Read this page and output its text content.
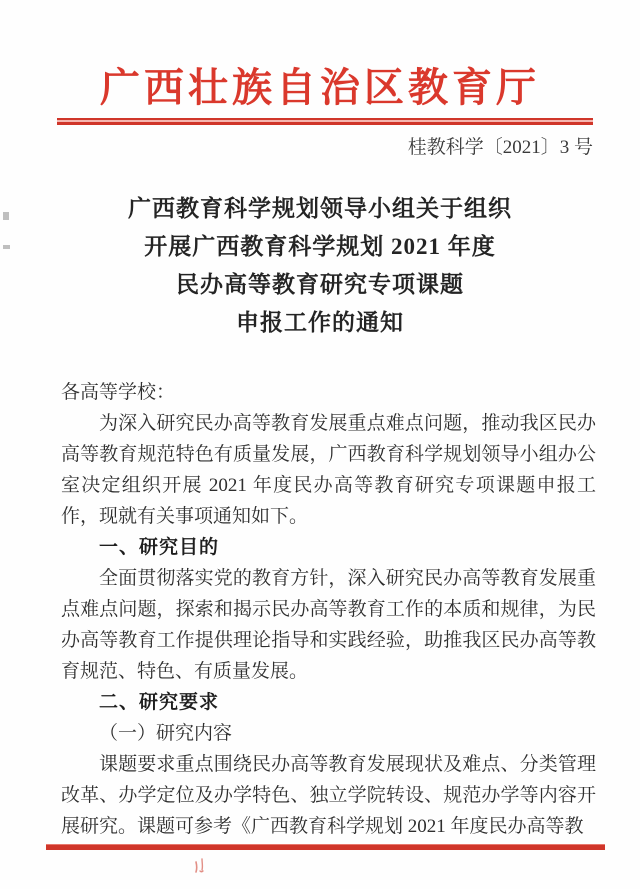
广西壮族自治区教育厅
桂教科学〔2021〕3 号
广西教育科学规划领导小组关于组织
开展广西教育科学规划 2021 年度
民办高等教育研究专项课题
申报工作的通知
各高等学校：

为深入研究民办高等教育发展重点难点问题，推动我区民办高等教育规范特色有质量发展，广西教育科学规划领导小组办公室决定组织开展 2021 年度民办高等教育研究专项课题申报工作，现就有关事项通知如下。

一、研究目的

全面贯彻落实党的教育方针，深入研究民办高等教育发展重点难点问题，探索和揭示民办高等教育工作的本质和规律，为民办高等教育工作提供理论指导和实践经验，助推我区民办高等教育规范、特色、有质量发展。

二、研究要求
（一）研究内容

课题要求重点围绕民办高等教育发展现状及难点、分类管理改革、办学定位及办学特色、独立学院转设、规范办学等内容开展研究。课题可参考《广西教育科学规划 2021 年度民办高等教
